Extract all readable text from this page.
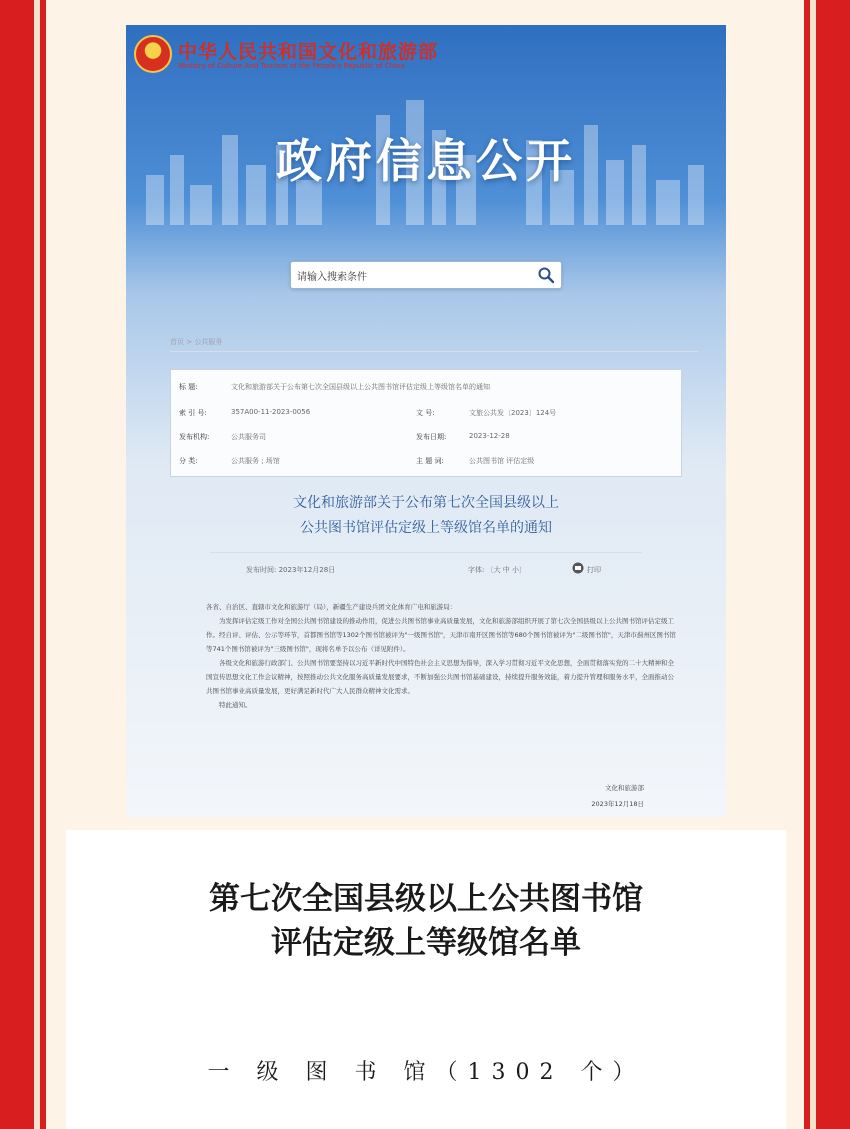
中华人民共和国文化和旅游部
Ministry of Culture And Tourism of the People's Republic of China
政府信息公开
请输入搜索条件
首页 > 公共服务
标 题:	文化和旅游部关于公布第七次全国县级以上公共图书馆评估定级上等级馆名单的通知
索 引 号:	357A00-11-2023-0056	文 号:	文旅公共发〔2023〕124号
发布机构:	公共服务司	发布日期:	2023-12-28
分 类:	公共服务 ; 场馆	主 题 词:	公共图书馆 评估定级
文化和旅游部关于公布第七次全国县级以上
公共图书馆评估定级上等级馆名单的通知
发布时间: 2023年12月28日	字体: 〔大 中 小〕	打印

各省、自治区、直辖市文化和旅游厅（局），新疆生产建设兵团文化体育广电和旅游局：

为发挥评估定级工作对全国公共图书馆建设的推动作用，促进公共图书馆事业高质量发展，文化和旅游部组织开展了第七次全国县级以上公共图书馆评估定级工作。经自评、评估、公示等环节，首都图书馆等1302个图书馆被评为"一级图书馆"，天津市南开区图书馆等680个图书馆被评为"二级图书馆"，天津市蓟州区图书馆等741个图书馆被评为"三级图书馆"，现将名单予以公布（详见附件）。

各级文化和旅游行政部门、公共图书馆要坚持以习近平新时代中国特色社会主义思想为指导，深入学习贯彻习近平文化思想，全面贯彻落实党的二十大精神和全国宣传思想文化工作会议精神，按照推动公共文化服务高质量发展要求，不断加强公共图书馆基础建设，持续提升服务效能，着力提升管理和服务水平，全面推动公共图书馆事业高质量发展，更好满足新时代广大人民群众精神文化需求。

特此通知。

文化和旅游部
2023年12月18日
第七次全国县级以上公共图书馆
评估定级上等级馆名单
一 级 图 书 馆（1302 个）
